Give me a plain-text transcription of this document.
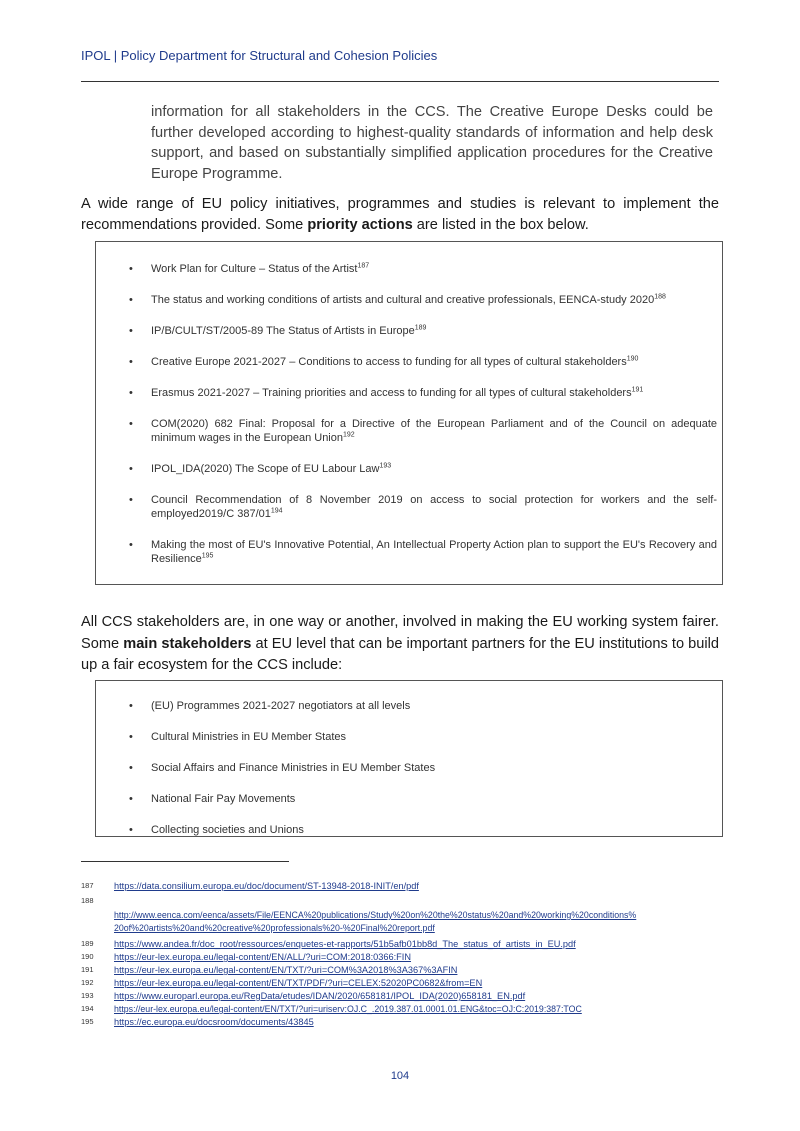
IPOL | Policy Department for Structural and Cohesion Policies
information for all stakeholders in the CCS. The Creative Europe Desks could be further developed according to highest-quality standards of information and help desk support, and based on substantially simplified application procedures for the Creative Europe Programme.
A wide range of EU policy initiatives, programmes and studies is relevant to implement the recommendations provided. Some priority actions are listed in the box below.
• Work Plan for Culture – Status of the Artist$^{187}$
• The status and working conditions of artists and cultural and creative professionals, EENCA-study 2020$^{188}$
• IP/B/CULT/ST/2005-89 The Status of Artists in Europe$^{189}$
• Creative Europe 2021-2027 – Conditions to access to funding for all types of cultural stakeholders$^{190}$
• Erasmus 2021-2027 – Training priorities and access to funding for all types of cultural stakeholders$^{191}$
• COM(2020) 682 Final: Proposal for a Directive of the European Parliament and of the Council on adequate minimum wages in the European Union$^{192}$
• IPOL_IDA(2020) The Scope of EU Labour Law$^{193}$
• Council Recommendation of 8 November 2019 on access to social protection for workers and the self-employed2019/C $387/01^{194}$
• Making the most of EU's Innovative Potential, An Intellectual Property Action plan to support the EU's Recovery and Resilience$^{195}$
All CCS stakeholders are, in one way or another, involved in making the EU working system fairer. Some main stakeholders at EU level that can be important partners for the EU institutions to build up a fair ecosystem for the CCS include:
• (EU) Programmes 2021-2027 negotiators at all levels
• Cultural Ministries in EU Member States
• Social Affairs and Finance Ministries in EU Member States
• National Fair Pay Movements
• Collecting societies and Unions
187 https://data.consilium.europa.eu/doc/document/ST-13948-2018-INIT/en/pdf
188
http://www.eenca.com/eenca/assets/File/EENCA%20publications/Study%20on%20the%20status%20and%20working%20conditions%
20of%20artists%20and%20creative%20professionals%20-%20Final%20report.pdf
189 https://www.andea.fr/doc_root/ressources/enquetes-et-rapports/51b5afb01bb8d_The_status_of_artists_in_EU.pdf
190 https://eur-lex.europa.eu/legal-content/EN/ALL/?uri=COM:2018:0366:FIN
191 https://eur-lex.europa.eu/legal-content/EN/TXT/?uri=COM%3A2018%3A367%3AFIN
192 https://eur-lex.europa.eu/legal-content/EN/TXT/PDF/?uri=CELEX:52020PC0682&from=EN
193 https://www.europarl.europa.eu/RegData/etudes/IDAN/2020/658181/IPOL_IDA(2020)658181_EN.pdf
194 https://eur-lex.europa.eu/legal-content/EN/TXT/?uri=uriserv:OJ.C_.2019.387.01.0001.01.ENG&toc=OJ:C:2019:387:TOC
195 https://ec.europa.eu/docsroom/documents/43845
104
